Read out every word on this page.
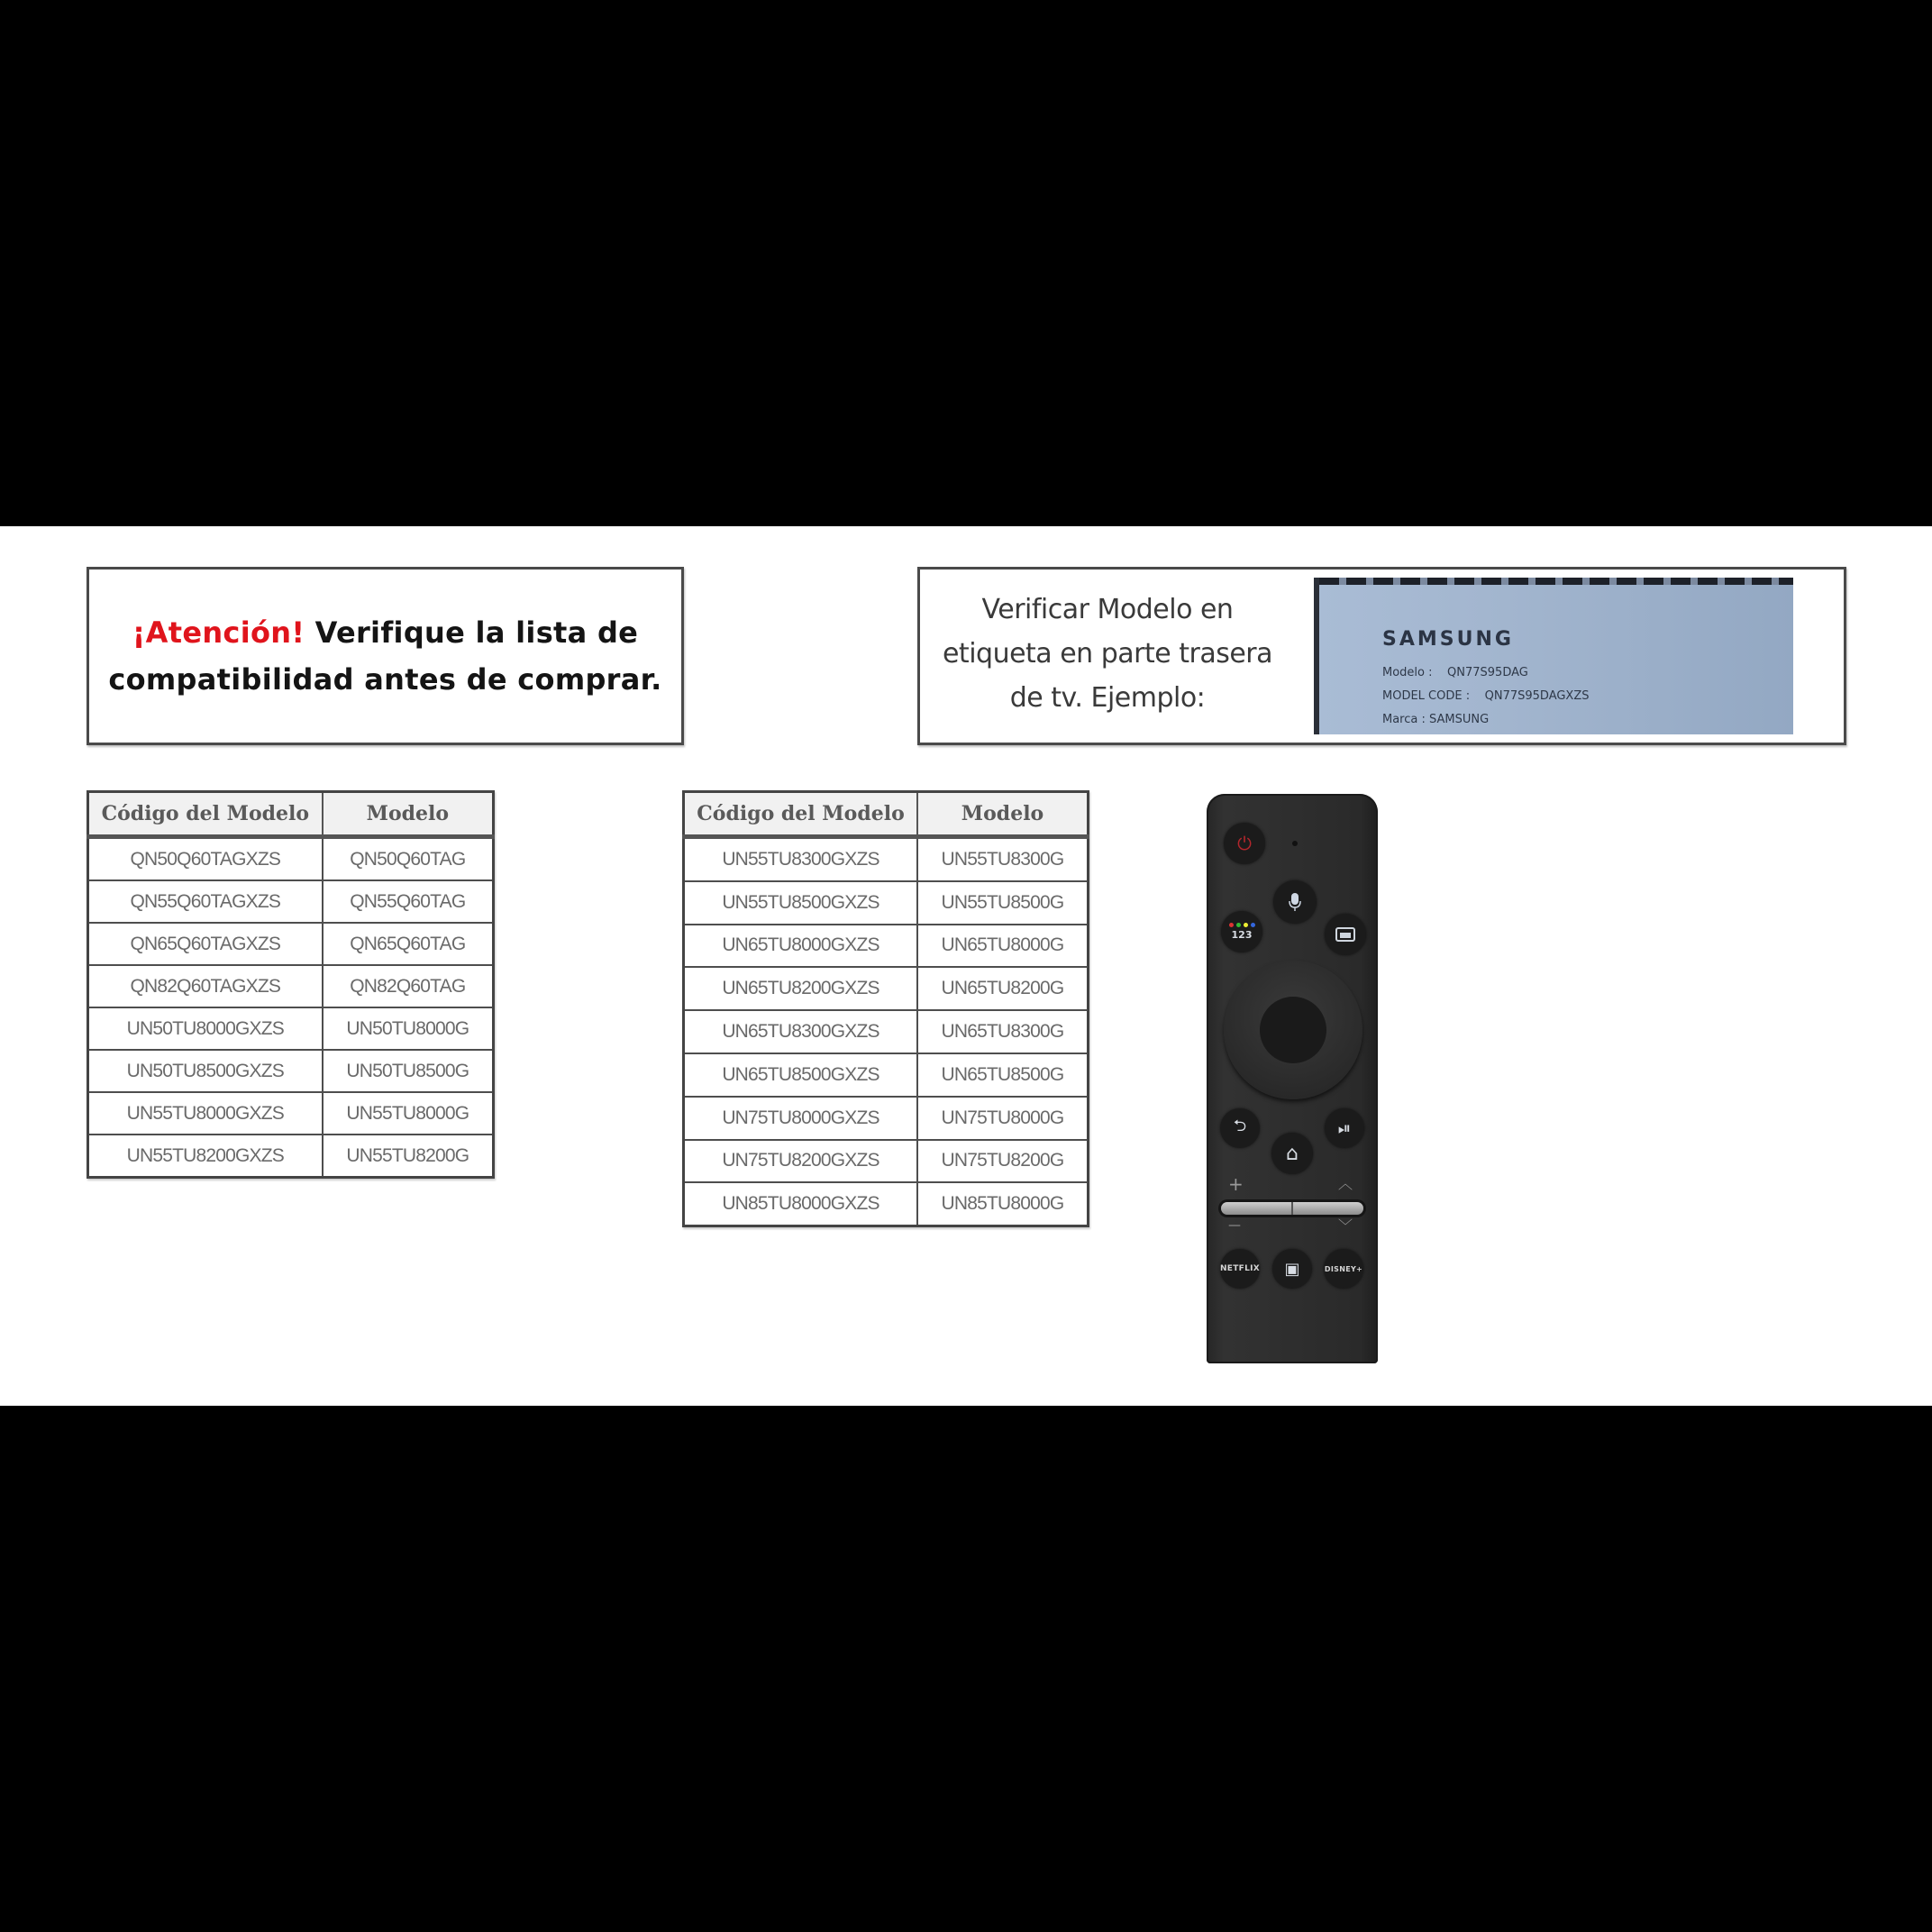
¡Atención! Verifique la lista de
compatibilidad antes de comprar.
Verificar Modelo en
etiqueta en parte trasera
de tv. Ejemplo:
SAMSUNG
Modelo :    QN77S95DAG
MODEL CODE :    QN77S95DAGXZS
Marca : SAMSUNG
Código del Modelo	Modelo
QN50Q60TAGXZS	QN50Q60TAG
QN55Q60TAGXZS	QN55Q60TAG
QN65Q60TAGXZS	QN65Q60TAG
QN82Q60TAGXZS	QN82Q60TAG
UN50TU8000GXZS	UN50TU8000G
UN50TU8500GXZS	UN50TU8500G
UN55TU8000GXZS	UN55TU8000G
UN55TU8200GXZS	UN55TU8200G
Código del Modelo	Modelo
UN55TU8300GXZS	UN55TU8300G
UN55TU8500GXZS	UN55TU8500G
UN65TU8000GXZS	UN65TU8000G
UN65TU8200GXZS	UN65TU8200G
UN65TU8300GXZS	UN65TU8300G
UN65TU8500GXZS	UN65TU8500G
UN75TU8000GXZS	UN75TU8000G
UN75TU8200GXZS	UN75TU8200G
UN85TU8000GXZS	UN85TU8000G
⏻
123
⮌	⏯
⌂
+	︿
—	﹀
NETFLIX ▣	DISNEY+
